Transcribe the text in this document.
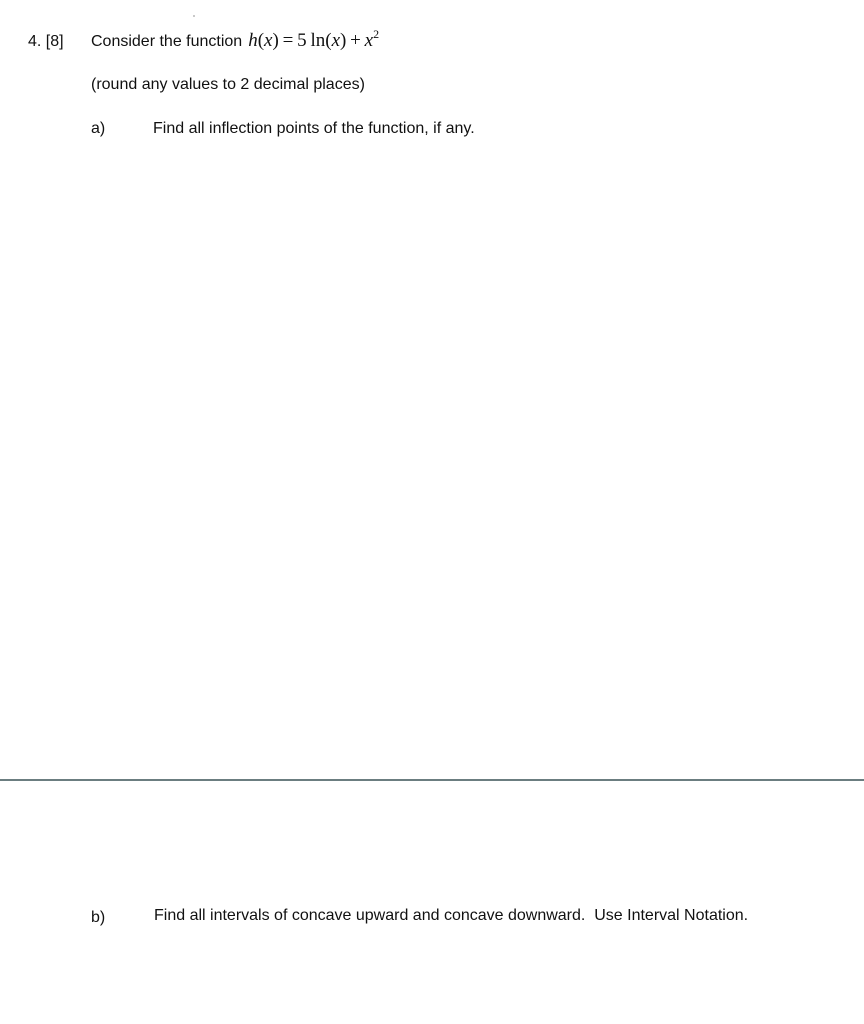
4. [8] Consider the function h(x) =  5  $\ln(x) + x^2$
(round any values to 2 decimal places)
a)	Find all inflection points of the function, if any.
b)	Find all intervals of concave upward and concave downward.  Use Interval Notation.
